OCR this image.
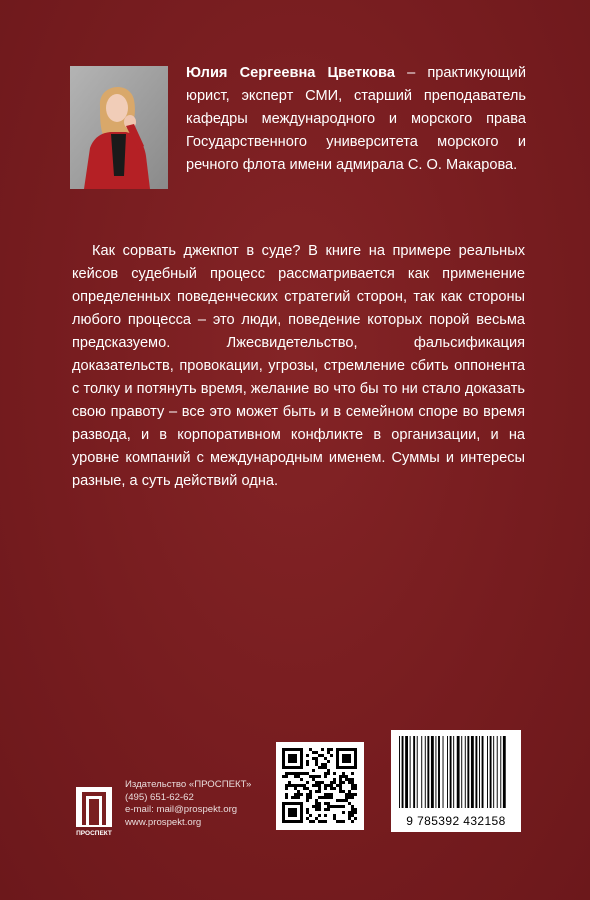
Юлия Сергеевна Цветкова – практикующий юрист, эксперт СМИ, старший преподаватель кафедры международного и морского права Государственного университета морского и речного флота имени адмирала С. О. Макарова.
Как сорвать джекпот в суде? В книге на примере реальных кейсов судебный процесс рассматривается как применение определенных поведенческих стратегий сторон, так как стороны любого процесса – это люди, поведение которых порой весьма предсказуемо. Лжесвидетельство, фальсификация доказательств, провокации, угрозы, стремление сбить оппонента с толку и потянуть время, желание во что бы то ни стало доказать свою правоту – все это может быть и в семейном споре во время развода, и в корпоративном конфликте в организации, и на уровне компаний с международным именем. Суммы и интересы разные, а суть действий одна.
ПРОСПЕКТ
Издательство «ПРОСПЕКТ»
(495) 651-62-62
e-mail: mail@prospekt.org
www.prospekt.org	9 785392 432158
